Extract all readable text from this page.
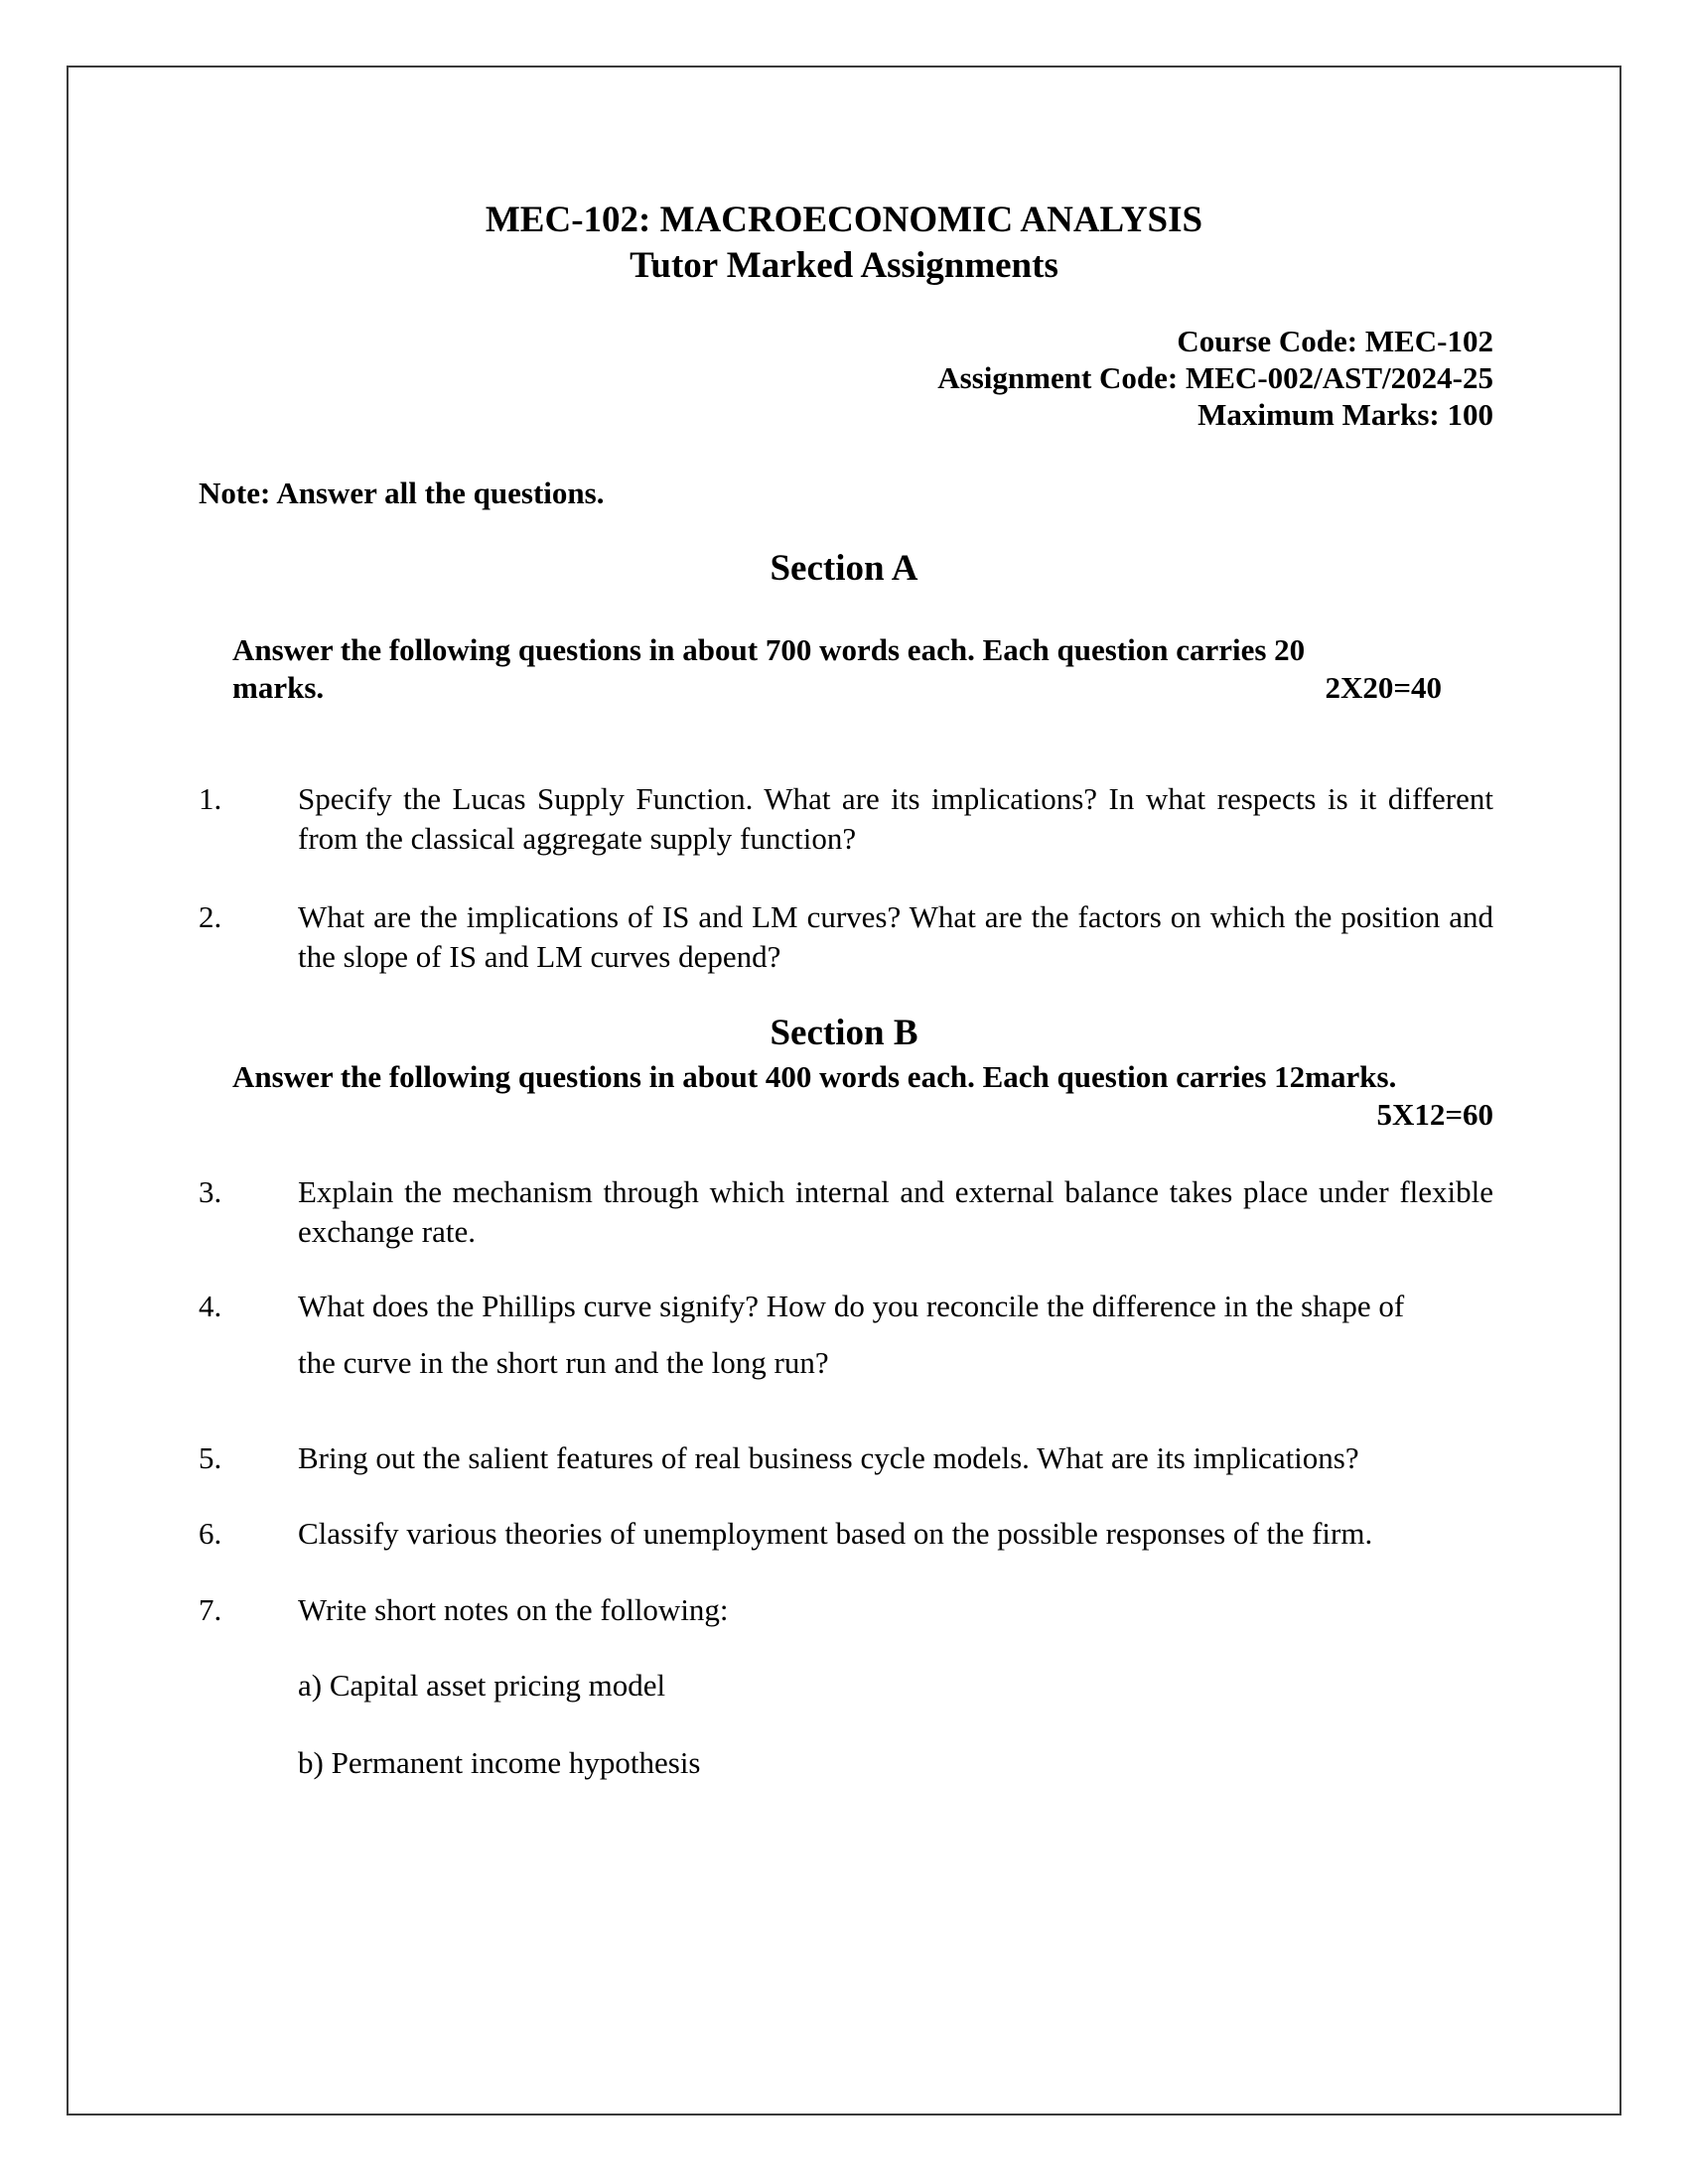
MEC-102: MACROECONOMIC ANALYSIS
Tutor Marked Assignments
Course Code: MEC-102
Assignment Code: MEC-002/AST/2024-25
Maximum Marks: 100
Note: Answer all the questions.
Section A
Answer the following questions in about 700 words each. Each question carries 20
marks.	2X20=40
1. Specify the Lucas Supply Function. What are its implications? In what respects is it different from the classical aggregate supply function?
2. What are the implications of IS and LM curves? What are the factors on which the position and the slope of IS and LM curves depend?
Section B
Answer the following questions in about 400 words each. Each question carries 12marks.
5X12=60
3. Explain the mechanism through which internal and external balance takes place under flexible exchange rate.
4. What does the Phillips curve signify? How do you reconcile the difference in the shape of
the curve in the short run and the long run?
5. Bring out the salient features of real business cycle models. What are its implications?
6. Classify various theories of unemployment based on the possible responses of the firm.
7. Write short notes on the following:
a) Capital asset pricing model
b) Permanent income hypothesis
